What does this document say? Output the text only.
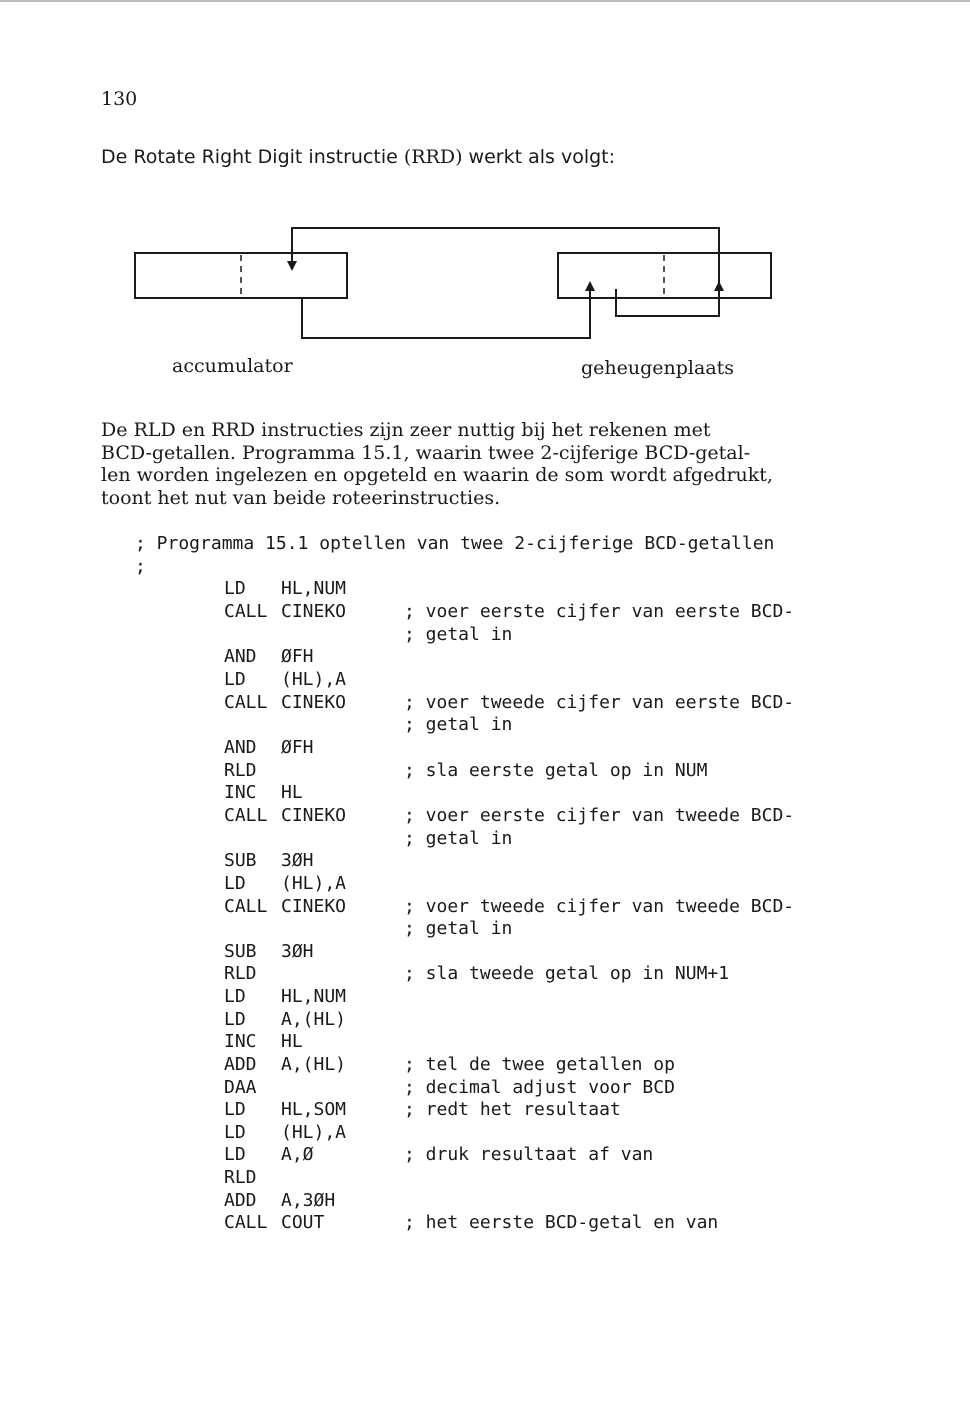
130
De Rotate Right Digit instructie (RRD) werkt als volgt:
accumulator	geheugenplaats
De RLD en RRD instructies zijn zeer nuttig bij het rekenen met
BCD-getallen. Programma 15.1, waarin twee 2-cijferige BCD-getal-
len worden ingelezen en opgeteld en waarin de som wordt afgedrukt,
toont het nut van beide roteerinstructies.
; Programma 15.1 optellen van twee 2-cijferige BCD-getallen
;
LD HL,NUM
CALL CINEKO	; voer eerste cijfer van eerste BCD-
; getal in
AND ØFH
LD (HL),A
CALL CINEKO	; voer tweede cijfer van eerste BCD-
; getal in
AND ØFH
RLD	; sla eerste getal op in NUM
INC HL
CALL CINEKO	; voer eerste cijfer van tweede BCD-
; getal in
SUB 3ØH
LD (HL),A
CALL CINEKO	; voer tweede cijfer van tweede BCD-
; getal in
SUB 3ØH
RLD	; sla tweede getal op in NUM+1
LD HL,NUM
LD A,(HL)
INC HL
ADD A,(HL)	; tel de twee getallen op
DAA	; decimal adjust voor BCD
LD HL,SOM	; redt het resultaat
LD (HL),A
LD A,Ø	; druk resultaat af van
RLD
ADD A,3ØH
CALL COUT	; het eerste BCD-getal en van
